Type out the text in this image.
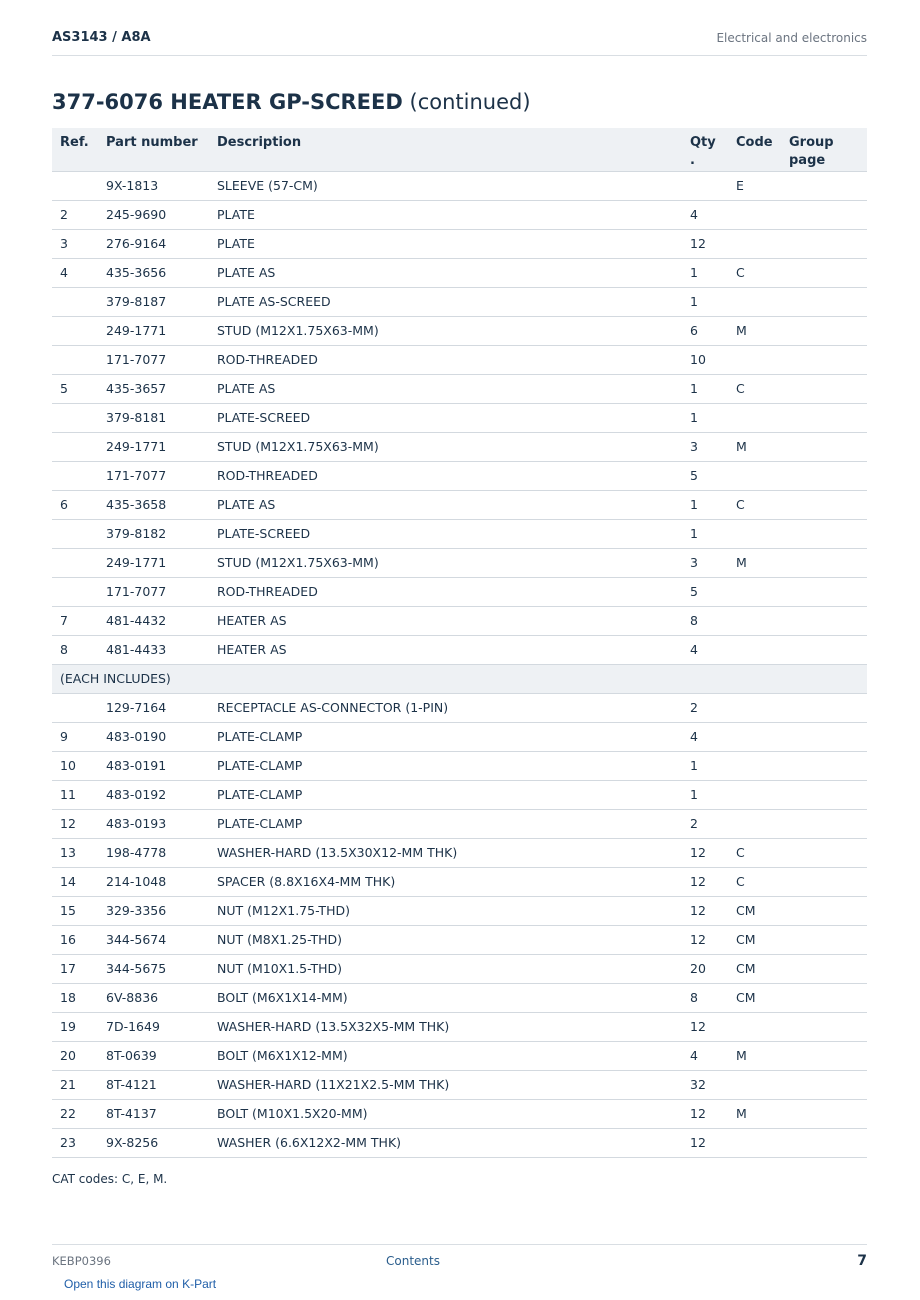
AS3143 / A8A	Electrical and electronics
377-6076 HEATER GP-SCREED (continued)
Ref.	Part number	Description	Qty .	Code	Group page
	9X-1813	SLEEVE (57-CM)		E	
2	245-9690	PLATE	4		
3	276-9164	PLATE	12		
4	435-3656	PLATE AS	1	C	
	379-8187	PLATE AS-SCREED	1		
	249-1771	STUD (M12X1.75X63-MM)	6	M	
	171-7077	ROD-THREADED	10		
5	435-3657	PLATE AS	1	C	
	379-8181	PLATE-SCREED	1		
	249-1771	STUD (M12X1.75X63-MM)	3	M	
	171-7077	ROD-THREADED	5		
6	435-3658	PLATE AS	1	C	
	379-8182	PLATE-SCREED	1		
	249-1771	STUD (M12X1.75X63-MM)	3	M	
	171-7077	ROD-THREADED	5		
7	481-4432	HEATER AS	8		
8	481-4433	HEATER AS	4		
(EACH INCLUDES)					
	129-7164	RECEPTACLE AS-CONNECTOR (1-PIN)	2		
9	483-0190	PLATE-CLAMP	4		
10	483-0191	PLATE-CLAMP	1		
11	483-0192	PLATE-CLAMP	1		
12	483-0193	PLATE-CLAMP	2		
13	198-4778	WASHER-HARD (13.5X30X12-MM THK)	12	C	
14	214-1048	SPACER (8.8X16X4-MM THK)	12	C	
15	329-3356	NUT (M12X1.75-THD)	12	CM	
16	344-5674	NUT (M8X1.25-THD)	12	CM	
17	344-5675	NUT (M10X1.5-THD)	20	CM	
18	6V-8836	BOLT (M6X1X14-MM)	8	CM	
19	7D-1649	WASHER-HARD (13.5X32X5-MM THK)	12		
20	8T-0639	BOLT (M6X1X12-MM)	4	M	
21	8T-4121	WASHER-HARD (11X21X2.5-MM THK)	32		
22	8T-4137	BOLT (M10X1.5X20-MM)	12	M	
23	9X-8256	WASHER (6.6X12X2-MM THK)	12		
CAT codes: C, E, M.
KEBP0396	Contents	7
Open this diagram on K-Part
